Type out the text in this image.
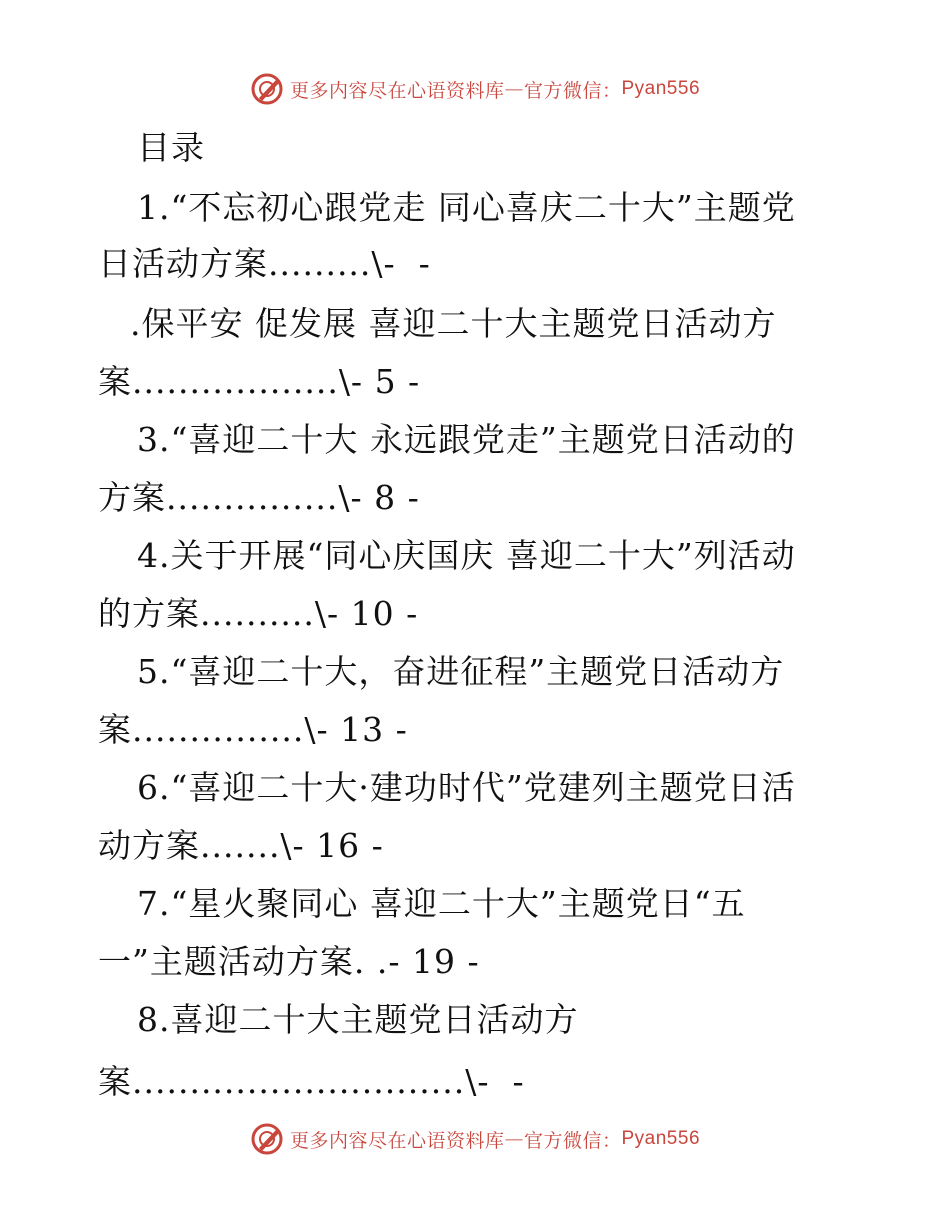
更多内容尽在心语资料库 — 官方微信： Pyan556
目录
1.“不忘初心跟党走 同心喜庆二十大”主题党
日活动方案.........\-  -
.保平安 促发展 喜迎二十大主题党日活动方
案..................\- 5 -
3.“喜迎二十大 永远跟党走”主题党日活动的
方案...............\- 8 -
4.关于开展“同心庆国庆 喜迎二十大”列活动
的方案..........\- 10 -
5.“喜迎二十大，奋进征程”主题党日活动方
案...............\- 13 -
6.“喜迎二十大·建功时代”党建列主题党日活
动方案.......\- 16 -
7.“星火聚同心 喜迎二十大”主题党日“五
一”主题活动方案. .- 19 -
8.喜迎二十大主题党日活动方
案.............................\-  -
更多内容尽在心语资料库 — 官方微信： Pyan556
